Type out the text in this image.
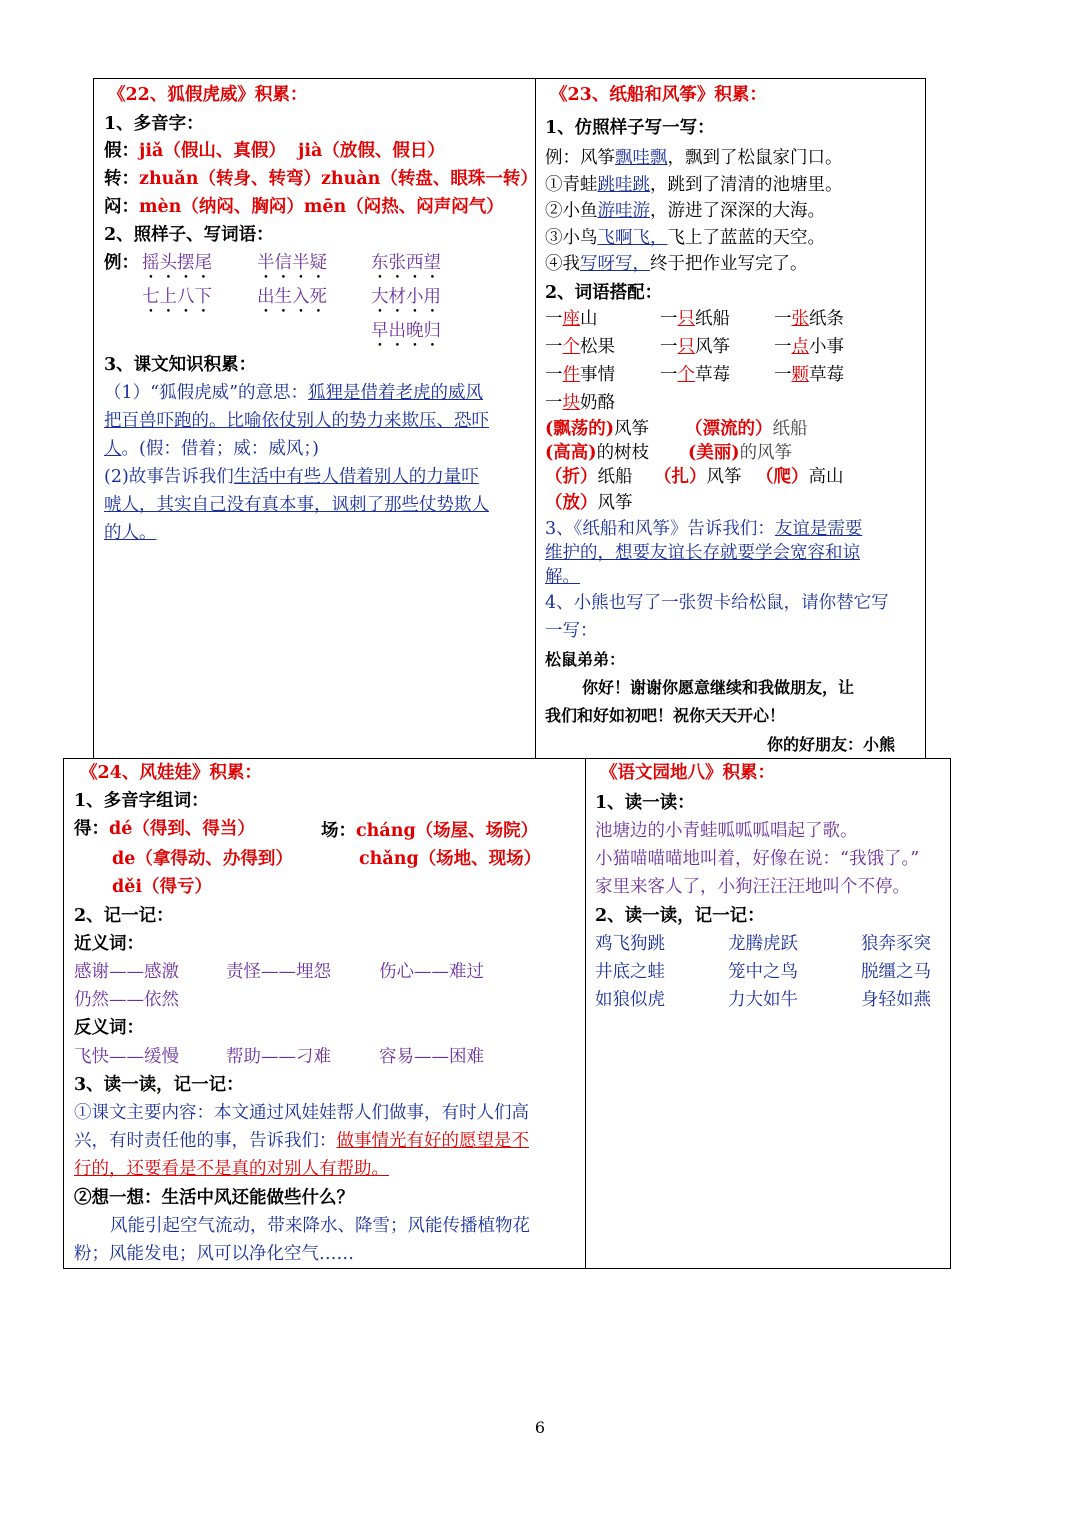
《22、狐假虎威》积累：
1、多音字：
假：jiǎ（假山、真假）  jià（放假、假日）
转：zhuǎn（转身、转弯）zhuàn（转盘、眼珠一转）
闷：mèn（纳闷、胸闷）mēn（闷热、闷声闷气）
2、照样子、写词语：
例： 摇头摆尾	半信半疑	东张西望
七上八下	出生入死	大材小用
早出晚归
3、课文知识积累：
（1）“狐假虎威”的意思：狐狸是借着老虎的威风
把百兽吓跑的。比喻依仗别人的势力来欺压、恐吓
人。(假：借着；威：威风；)
(2)故事告诉我们生活中有些人借着别人的力量吓
唬人，其实自己没有真本事，讽刺了那些仗势欺人
的人。
《23、纸船和风筝》积累：
1、仿照样子写一写：
例：风筝飘哇飘，飘到了松鼠家门口。
①青蛙跳哇跳，跳到了清清的池塘里。
②小鱼游哇游，游进了深深的大海。
③小鸟飞啊飞，飞上了蓝蓝的天空。
④我写呀写，终于把作业写完了。
2、词语搭配：
一座山	一只纸船	一张纸条
一个松果	一只风筝	一点小事
一件事情	一个草莓	一颗草莓
一块奶酪
(飘荡的)风筝 （漂流的）纸船
(高高)的树枝 (美丽)的风筝
（折）纸船 （扎）风筝 （爬）高山
（放）风筝
3、《纸船和风筝》告诉我们：友谊是需要
维护的，想要友谊长存就要学会宽容和谅
解。
4、小熊也写了一张贺卡给松鼠，请你替它写
一写：
松鼠弟弟：
你好！谢谢你愿意继续和我做朋友，让
我们和好如初吧！祝你天天开心！
你的好朋友：小熊
《24、风娃娃》积累：
1、多音字组词：
得：dé（得到、得当）
de（拿得动、办得到）
děi（得亏）
场：cháng（场屋、场院）
chǎng（场地、现场）
2、记一记：
近义词：
感谢——感激	责怪——埋怨	伤心——难过
仍然——依然
反义词：
飞快——缓慢	帮助——刁难	容易——困难
3、读一读，记一记：
①课文主要内容：本文通过风娃娃帮人们做事，有时人们高
兴，有时责任他的事，告诉我们：做事情光有好的愿望是不
行的，还要看是不是真的对别人有帮助。
②想一想：生活中风还能做些什么？
风能引起空气流动，带来降水、降雪；风能传播植物花
粉；风能发电；风可以净化空气……
《语文园地八》积累：
1、读一读：
池塘边的小青蛙呱呱呱唱起了歌。
小猫喵喵喵地叫着，好像在说：“我饿了。”
家里来客人了，小狗汪汪汪地叫个不停。
2、读一读，记一记：
鸡飞狗跳	龙腾虎跃	狼奔豕突
井底之蛙	笼中之鸟	脱缰之马
如狼似虎	力大如牛	身轻如燕
6
